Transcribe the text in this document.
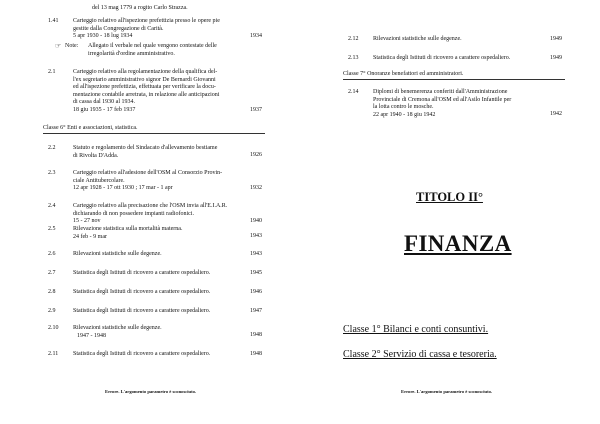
del 13 mag 1779 a rogito Carlo Strazza.
1.41 Carteggio relativo all'ispezione prefettizia presso le opere pie
gestite dalla Congregazione di Carità.
5 apr 1930 - 18 lug 1934	1934
☞ Note: Allegato il verbale nel quale vengono contestate delle
irregolarità d'ordine amministrativo.
2.1	Carteggio relativo alla regolamentazione della qualifica del-
l'ex segretario amministrativo signor De Bernardi Giovanni
ed all'ispezione prefettizia, effettuata per verificare la docu-
mentazione contabile arretrata, in relazione alle anticipazioni
di cassa dal 1930 al 1934.
18 giu 1935 - 17 feb 1937	1937
Classe 6° Enti e associazioni, statistica.
2.2	Statuto e regolamento del Sindacato d'allevamento bestiame
di Rivolta D'Adda.	1926
2.3	Carteggio relativo all'adesione dell'OSM al Consorzio Provin-
ciale Antitubercolare.
12 apr 1928 - 17 ott 1930 ; 17 mar - 1 apr	1932
2.4	Carteggio relativo alla precisazione che l'OSM invia all'E.I.A.R.
dichiarando di non possedere impianti radiofonici.
15 - 27 nov	1940
2.5	Rilevazione statistica sulla mortalità materna.
24 feb - 9 mar	1943
2.6	Rilevazioni statistiche sulle degenze.	1943
2.7	Statistica degli Istituti di ricovero a carattere ospedaliero.	1945
2.8	Statistica degli Istituti di ricovero a carattere ospedaliero.	1946
2.9	Statistica degli Istituti di ricovero a carattere ospedaliero.	1947
2.10 Rilevazioni statistiche sulle degenze.
1947 - 1948	1948
2.11 Statistica degli Istituti di ricovero a carattere ospedaliero.	1948
Errore. L'argomento parametro è sconosciuto.
2.12 Rilevazioni statistiche sulle degenze.	1949
2.13 Statistica degli Istituti di ricovero a carattere ospedaliero.	1949
Classe 7° Onoranze benefattori ed amministratori.
2.14 Diplomi di benemerenza conferiti dall'Amministrazione
Provinciale di Cremona all'OSM ed all'Asilo Infantile per
la lotta contro le mosche.
22 apr 1940 - 18 giu 1942	1942
TITOLO II°
FINANZA
Classe 1° Bilanci e conti consuntivi.
Classe 2° Servizio di cassa e tesoreria.
Errore. L'argomento parametro è sconosciuto.
